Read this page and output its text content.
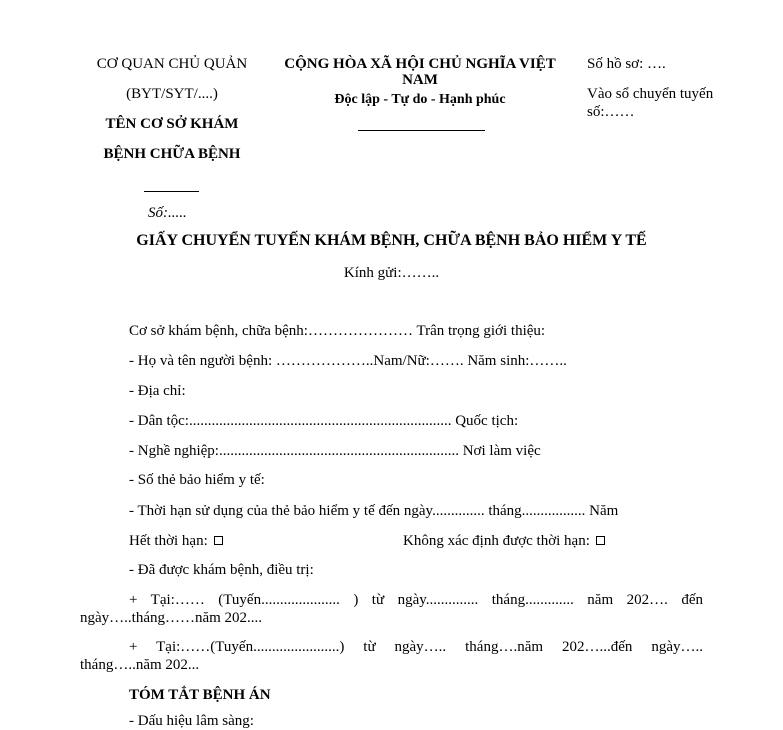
CƠ QUAN CHỦ QUẢN
(BYT/SYT/....)
TÊN CƠ SỞ KHÁM
BỆNH CHỮA BỆNH
Số:.....
CỘNG HÒA XÃ HỘI CHỦ NGHĨA VIỆT
NAM
Độc lập - Tự do - Hạnh phúc
Số hồ sơ: ….
Vào sổ chuyển tuyến
số:……
GIẤY CHUYỂN TUYẾN KHÁM BỆNH, CHỮA BỆNH BẢO HIỂM Y TẾ
Kính gửi:……..
Cơ sở khám bệnh, chữa bệnh:………………… Trân trọng giới thiệu:
- Họ và tên người bệnh: ………………..Nam/Nữ:……. Năm sinh:……..
- Địa chỉ:
- Dân tộc:...................................................................... Quốc tịch:
- Nghề nghiệp:................................................................ Nơi làm việc
- Số thẻ bảo hiểm y tế:
- Thời hạn sử dụng của thẻ bảo hiểm y tế đến ngày.............. tháng................. Năm
Hết thời hạn:	Không xác định được thời hạn:
- Đã được khám bệnh, điều trị:
+ Tại:…… (Tuyến..................... ) từ ngày.............. tháng............. năm 202…. đến
ngày…..tháng……năm 202....
+ Tại:……(Tuyến.......................) từ ngày….. tháng….năm 202…...đến ngày…..
tháng…..năm 202...
TÓM TẮT BỆNH ÁN
- Dấu hiệu lâm sàng:
